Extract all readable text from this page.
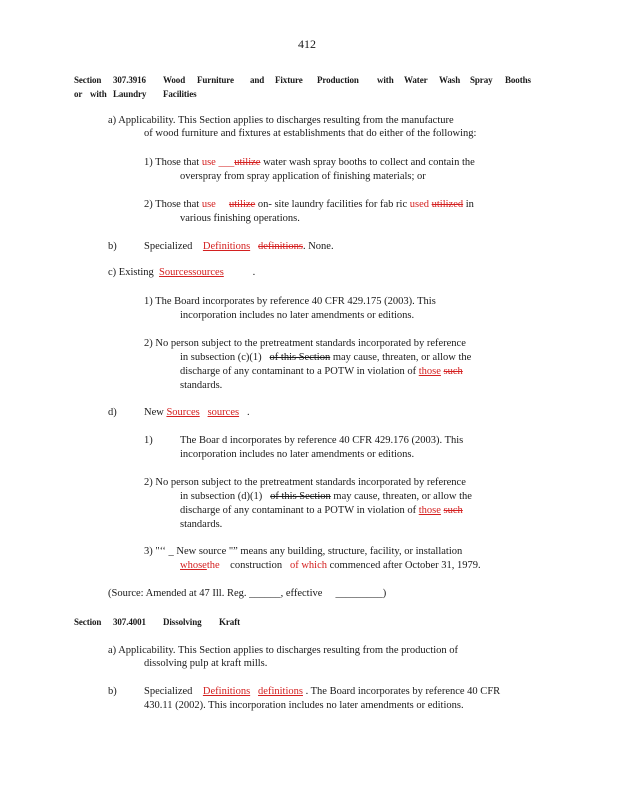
412
Section 307.3916 Wood Furniture and Fixture Production with Water Wash Spray Booths
or with Laundry Facilities
a) Applicability. This Section applies to discharges resulting from the manufacture
of wood furniture and fixtures at establishments that do either of the following:
1) Those that use ___utilize water wash spray booths to collect and contain the
overspray from spray application of finishing materials; or
2) Those that use utilize on- site laundry facilities for fab ric used utilized in
various finishing operations.
b)	Specialized Definitions definitions. None.
c) Existing Sourcessources	.
1) The Board incorporates by reference 40 CFR 429.175 (2003). This
incorporation includes no later amendments or editions.
2) No person subject to the pretreatment standards incorporated by reference
in subsection (c)(1) of this Section may cause, threaten, or allow the
discharge of any contaminant to a POTW in violation of those such
standards.
d)	New Sources sources .
1)	The Boar d incorporates by reference 40 CFR 429.176 (2003). This
incorporation includes no later amendments or editions.
2) No person subject to the pretreatment standards incorporated by reference
in subsection (d)(1) of this Section may cause, threaten, or allow the
discharge of any contaminant to a POTW in violation of those such
standards.
3) "‘‘ _ New source "” means any building, structure, facility, or installation
whosethe construction of which commenced after October 31, 1979.
(Source: Amended at 47 Ill. Reg. ______, effective _________)
Section 307.4001 Dissolving Kraft
a) Applicability. This Section applies to discharges resulting from the production of
dissolving pulp at kraft mills.
b)	Specialized Definitions definitions . The Board incorporates by reference 40 CFR
430.11 (2002). This incorporation includes no later amendments or editions.
